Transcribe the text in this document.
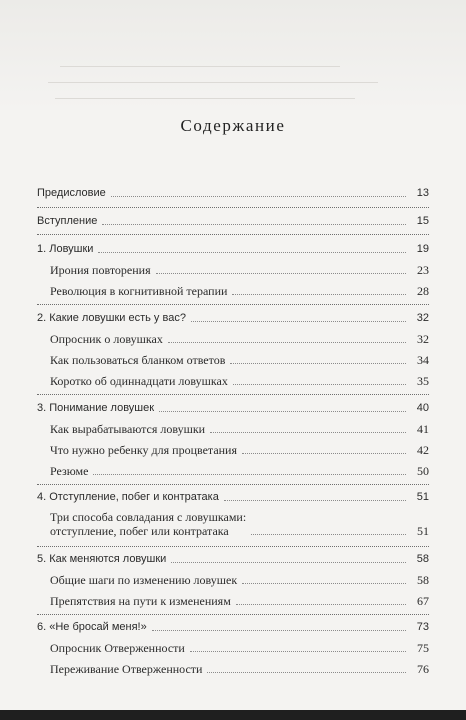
Содержание
Предисловие	13
Вступление	15
1. Ловушки	19
Ирония повторения	23
Революция в когнитивной терапии	28
2. Какие ловушки есть у вас?	32
Опросник о ловушках	32
Как пользоваться бланком ответов	34
Коротко об одиннадцати ловушках	35
3. Понимание ловушек	40
Как вырабатываются ловушки	41
Что нужно ребенку для процветания	42
Резюме	50
4. Отступление, побег и контратака	51
Три способа совладания с ловушками:
отступление, побег или контратака	51
5. Как меняются ловушки	58
Общие шаги по изменению ловушек	58
Препятствия на пути к изменениям	67
6. «Не бросай меня!»	73
Опросник Отверженности	75
Переживание Отверженности	76
